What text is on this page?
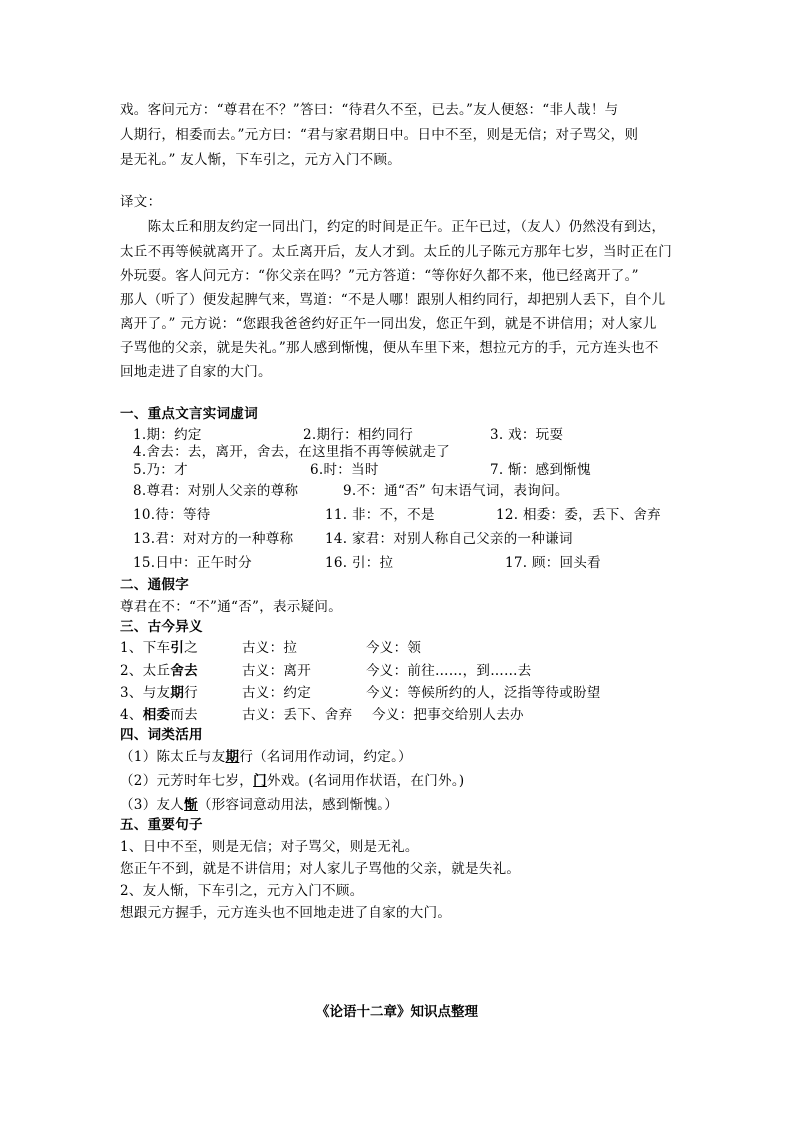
戏。客问元方：“尊君在不？”答曰：“待君久不至，已去。”友人便怒：“非人哉！与
人期行，相委而去。”元方曰：“君与家君期日中。日中不至，则是无信；对子骂父，则
是无礼。” 友人惭，下车引之，元方入门不顾。
译文：
　　陈太丘和朋友约定一同出门，约定的时间是正午。正午已过，（友人）仍然没有到达，
太丘不再等候就离开了。太丘离开后，友人才到。太丘的儿子陈元方那年七岁，当时正在门
外玩耍。客人问元方：“你父亲在吗？”元方答道：“等你好久都不来，他已经离开了。”
那人（听了）便发起脾气来，骂道：“不是人哪！跟别人相约同行，却把别人丢下，自个儿
离开了。” 元方说：“您跟我爸爸约好正午一同出发，您正午到，就是不讲信用；对人家儿
子骂他的父亲，就是失礼。”那人感到惭愧，便从车里下来，想拉元方的手，元方连头也不
回地走进了自家的大门。
一、重点文言实词虚词
1.期：约定	2.期行：相约同行	3. 戏：玩耍
4.舍去：去，离开，舍去，在这里指不再等候就走了
5.乃：才	6.时：当时	7. 惭：感到惭愧
8.尊君：对别人父亲的尊称	9.不：通“否” 句末语气词，表询问。
10.待：等待	11. 非：不，不是	12. 相委：委，丢下、舍弃
13.君：对对方的一种尊称 14. 家君：对别人称自己父亲的一种谦词
15.日中：正午时分	16. 引：拉	17. 顾：回头看
二、通假字
尊君在不：“不”通“否”，表示疑问。
三、古今异义
1、下车引之	古义：拉	今义：领
2、太丘舍去	古义：离开	今义：前往……，到……去
3、与友期行	古义：约定	今义：等候所约的人，泛指等待或盼望
4、相委而去	古义：丢下、舍弃 今义：把事交给别人去办
四、词类活用
（1）陈太丘与友期行（名词用作动词，约定。）
（2）元芳时年七岁，门外戏。(名词用作状语，在门外。)
（3）友人惭（形容词意动用法，感到惭愧。）
五、重要句子
1、日中不至，则是无信；对子骂父，则是无礼。
您正午不到，就是不讲信用；对人家儿子骂他的父亲，就是失礼。
2、友人惭，下车引之，元方入门不顾。
想跟元方握手，元方连头也不回地走进了自家的大门。
《论语十二章》知识点整理
